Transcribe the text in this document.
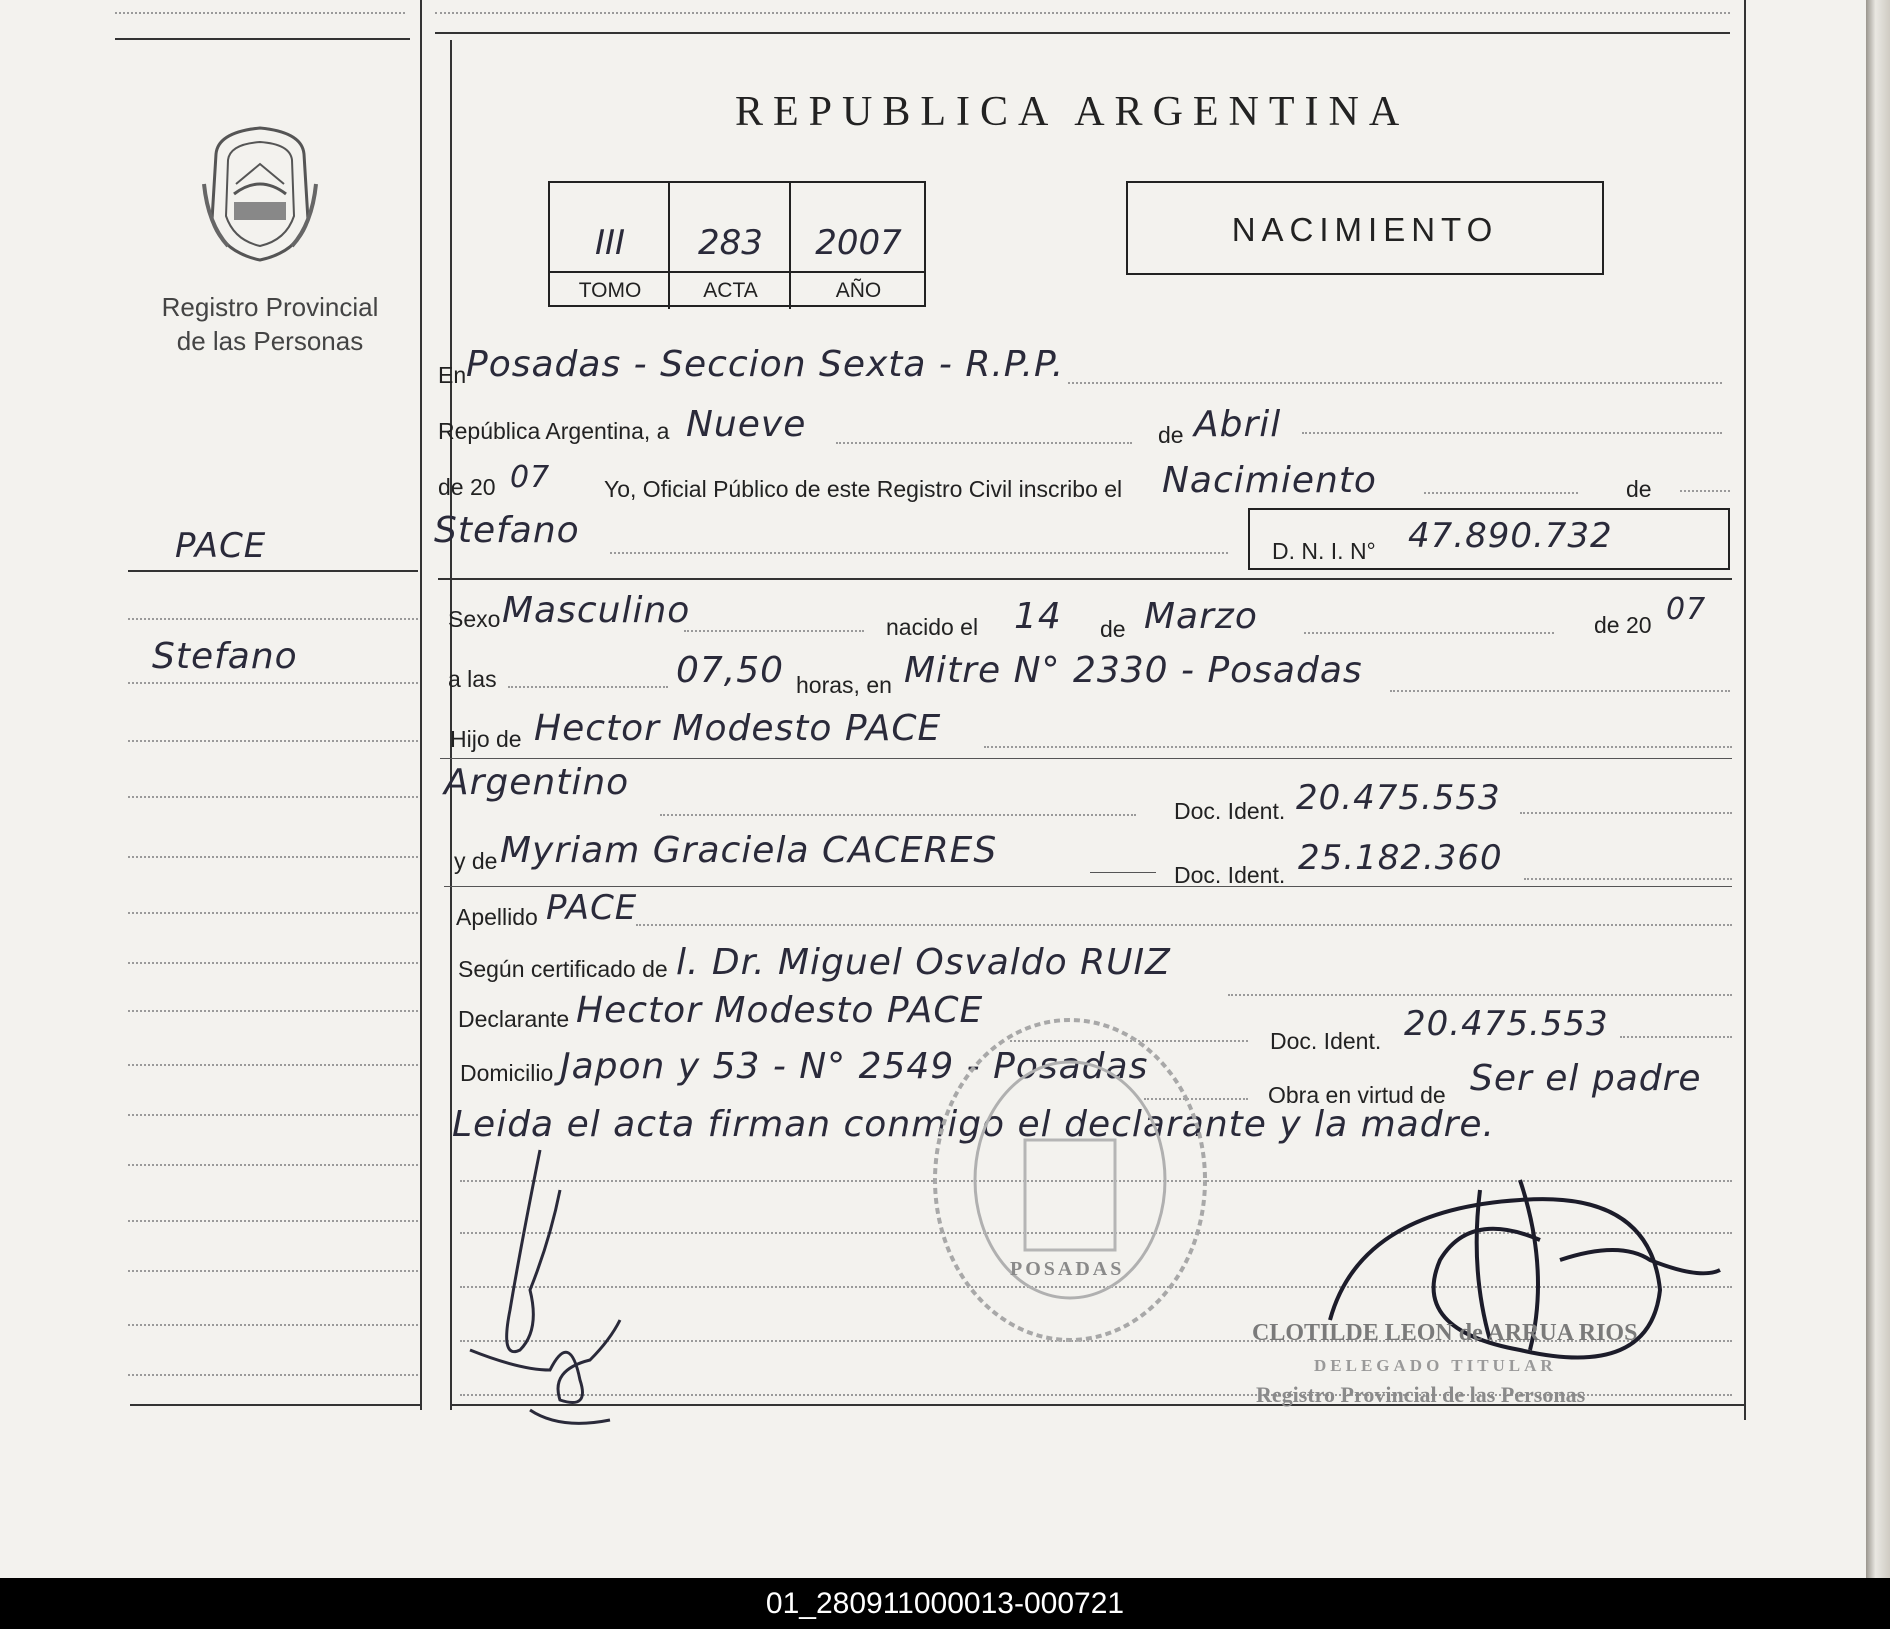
Registro Provincial
de las Personas
PACE
Stefano
REPUBLICA ARGENTINA
III	283	2007
TOMO	ACTA	AÑO
NACIMIENTO
En Posadas - Seccion Sexta - R.P.P.
República Argentina, a Nueve	de Abril
de 20 07 Yo, Oficial Público de este Registro Civil inscribo el Nacimiento	de
Stefano	D. N. I. N° 47.890.732
Sexo Masculino	nacido el 14 de Marzo	de 20 07
a las	07,50 horas, en Mitre N° 2330 - Posadas
Hijo de Hector Modesto PACE
Argentino
Doc. Ident. 20.475.553
y de Myriam Graciela CACERES
Doc. Ident. 25.182.360
Apellido PACE
Según certificado de l. Dr. Miguel Osvaldo RUIZ
Declarante Hector Modesto PACE
Doc. Ident. 20.475.553
Domicilio Japon y 53 - N° 2549 - Posadas
Obra en virtud de Ser el padre
Leida el acta firman conmigo el declarante y la madre.
POSADAS
CLOTILDE LEON de ARRUA RIOS
DELEGADO TITULAR
Registro Provincial de las Personas
01_280911000013-000721
